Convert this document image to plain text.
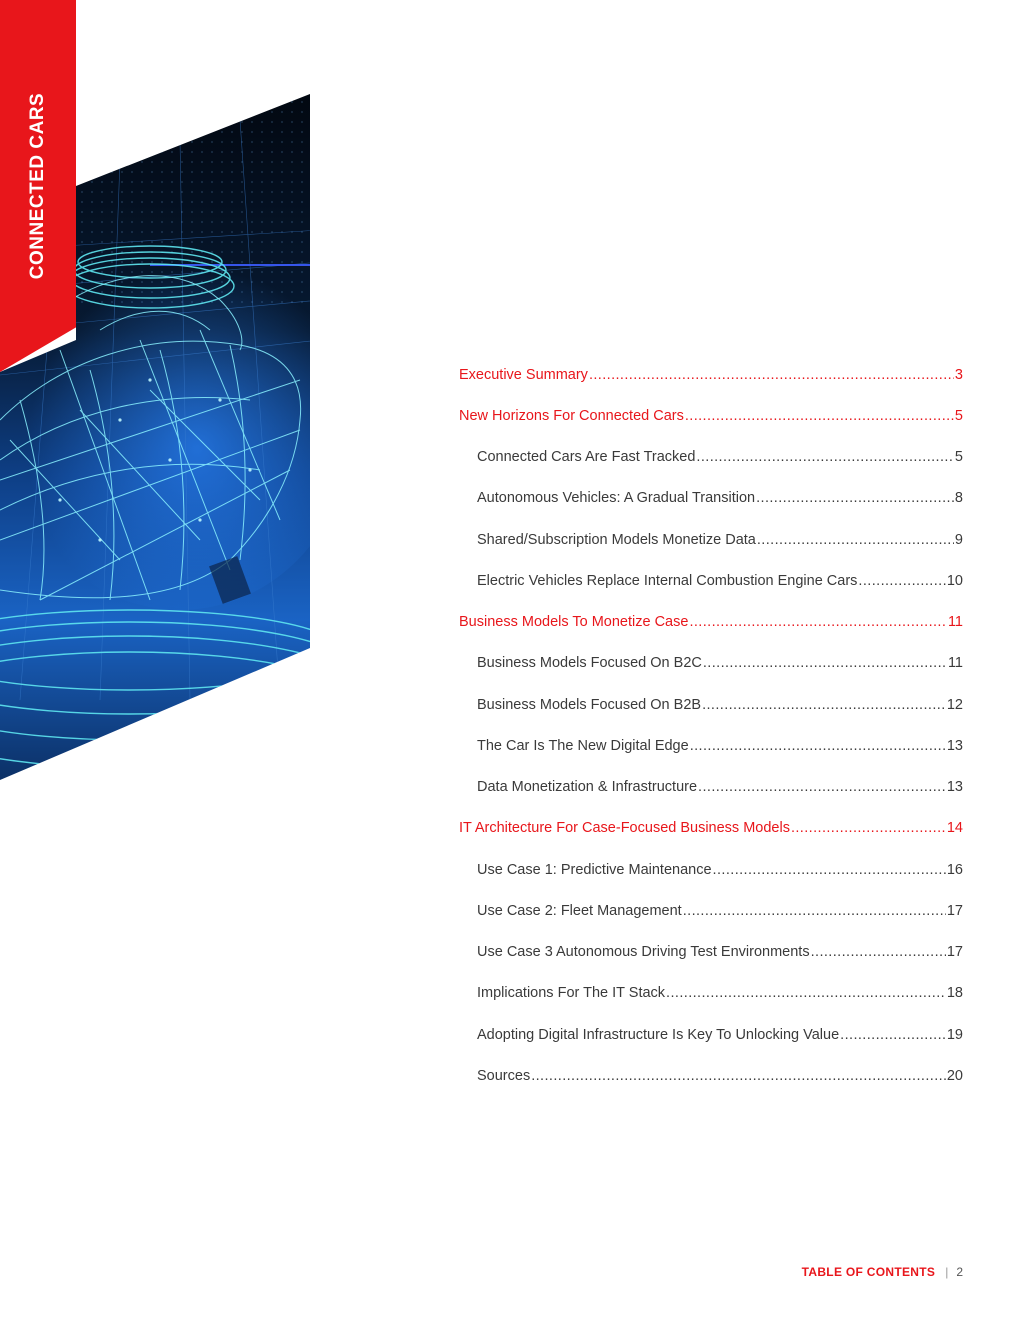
CONNECTED CARS
Executive Summary .....	3
New Horizons For Connected Cars .....	5
Connected Cars Are Fast Tracked .....	5
Autonomous Vehicles: A Gradual Transition .....	8
Shared/Subscription Models Monetize Data .....	9
Electric Vehicles Replace Internal Combustion Engine Cars .....	10
Business Models To Monetize Case .....	11
Business Models Focused On B2C .....	11
Business Models Focused On B2B .....	12
The Car Is The New Digital Edge .....	13
Data Monetization & Infrastructure .....	13
IT Architecture For Case-Focused Business Models .....	14
Use Case 1: Predictive Maintenance .....	16
Use Case 2: Fleet Management .....	17
Use Case 3 Autonomous Driving Test Environments .....	17
Implications For The IT Stack .....	18
Adopting Digital Infrastructure Is Key To Unlocking Value .....	19
Sources .....	20
TABLE OF CONTENTS | 2
